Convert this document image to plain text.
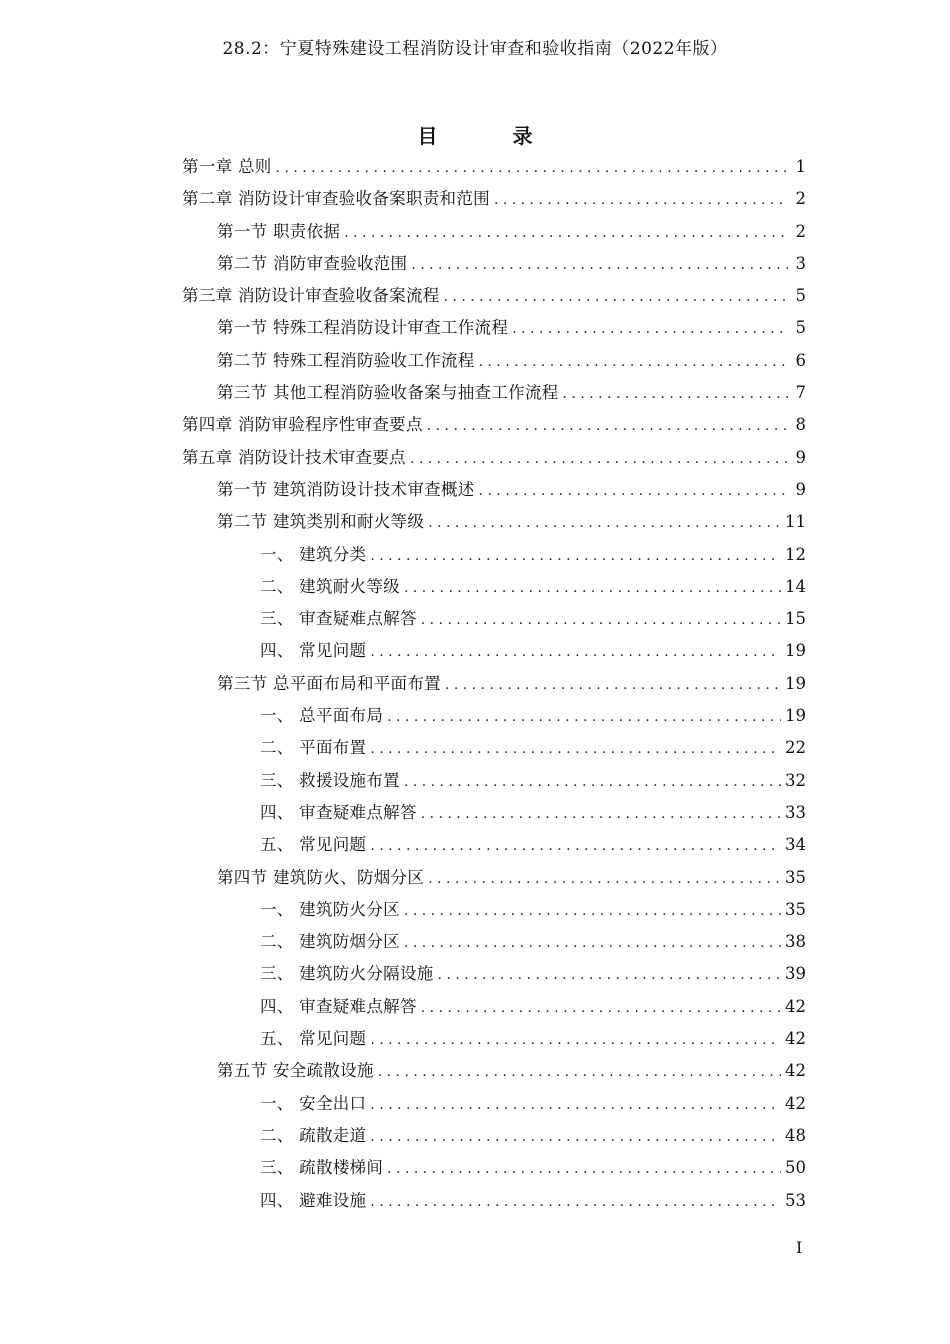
28.2：宁夏特殊建设工程消防设计审查和验收指南（2022年版）
目 录
第一章 总则 . . .	1
第二章 消防设计审查验收备案职责和范围 . . .	2
第一节 职责依据 . . .	2
第二节 消防审查验收范围 . . .	3
第三章 消防设计审查验收备案流程 . . .	5
第一节 特殊工程消防设计审查工作流程 . . .	5
第二节 特殊工程消防验收工作流程 . . .	6
第三节 其他工程消防验收备案与抽查工作流程 . . .	7
第四章 消防审验程序性审查要点 . . .	8
第五章 消防设计技术审查要点 . . .	9
第一节 建筑消防设计技术审查概述 . . .	9
第二节 建筑类别和耐火等级 . . .	11
一、 建筑分类 . . .	12
二、 建筑耐火等级 . . .	14
三、 审查疑难点解答 . . .	15
四、 常见问题 . . .	19
第三节 总平面布局和平面布置 . . .	19
一、 总平面布局 . . .	19
二、 平面布置 . . .	22
三、 救援设施布置 . . .	32
四、 审查疑难点解答 . . .	33
五、 常见问题 . . .	34
第四节 建筑防火、防烟分区 . . .	35
一、 建筑防火分区 . . .	35
二、 建筑防烟分区 . . .	38
三、 建筑防火分隔设施 . . .	39
四、 审查疑难点解答 . . .	42
五、 常见问题 . . .	42
第五节 安全疏散设施 . . .	42
一、 安全出口 . . .	42
二、 疏散走道 . . .	48
三、 疏散楼梯间 . . .	50
四、 避难设施 . . .	53
I
